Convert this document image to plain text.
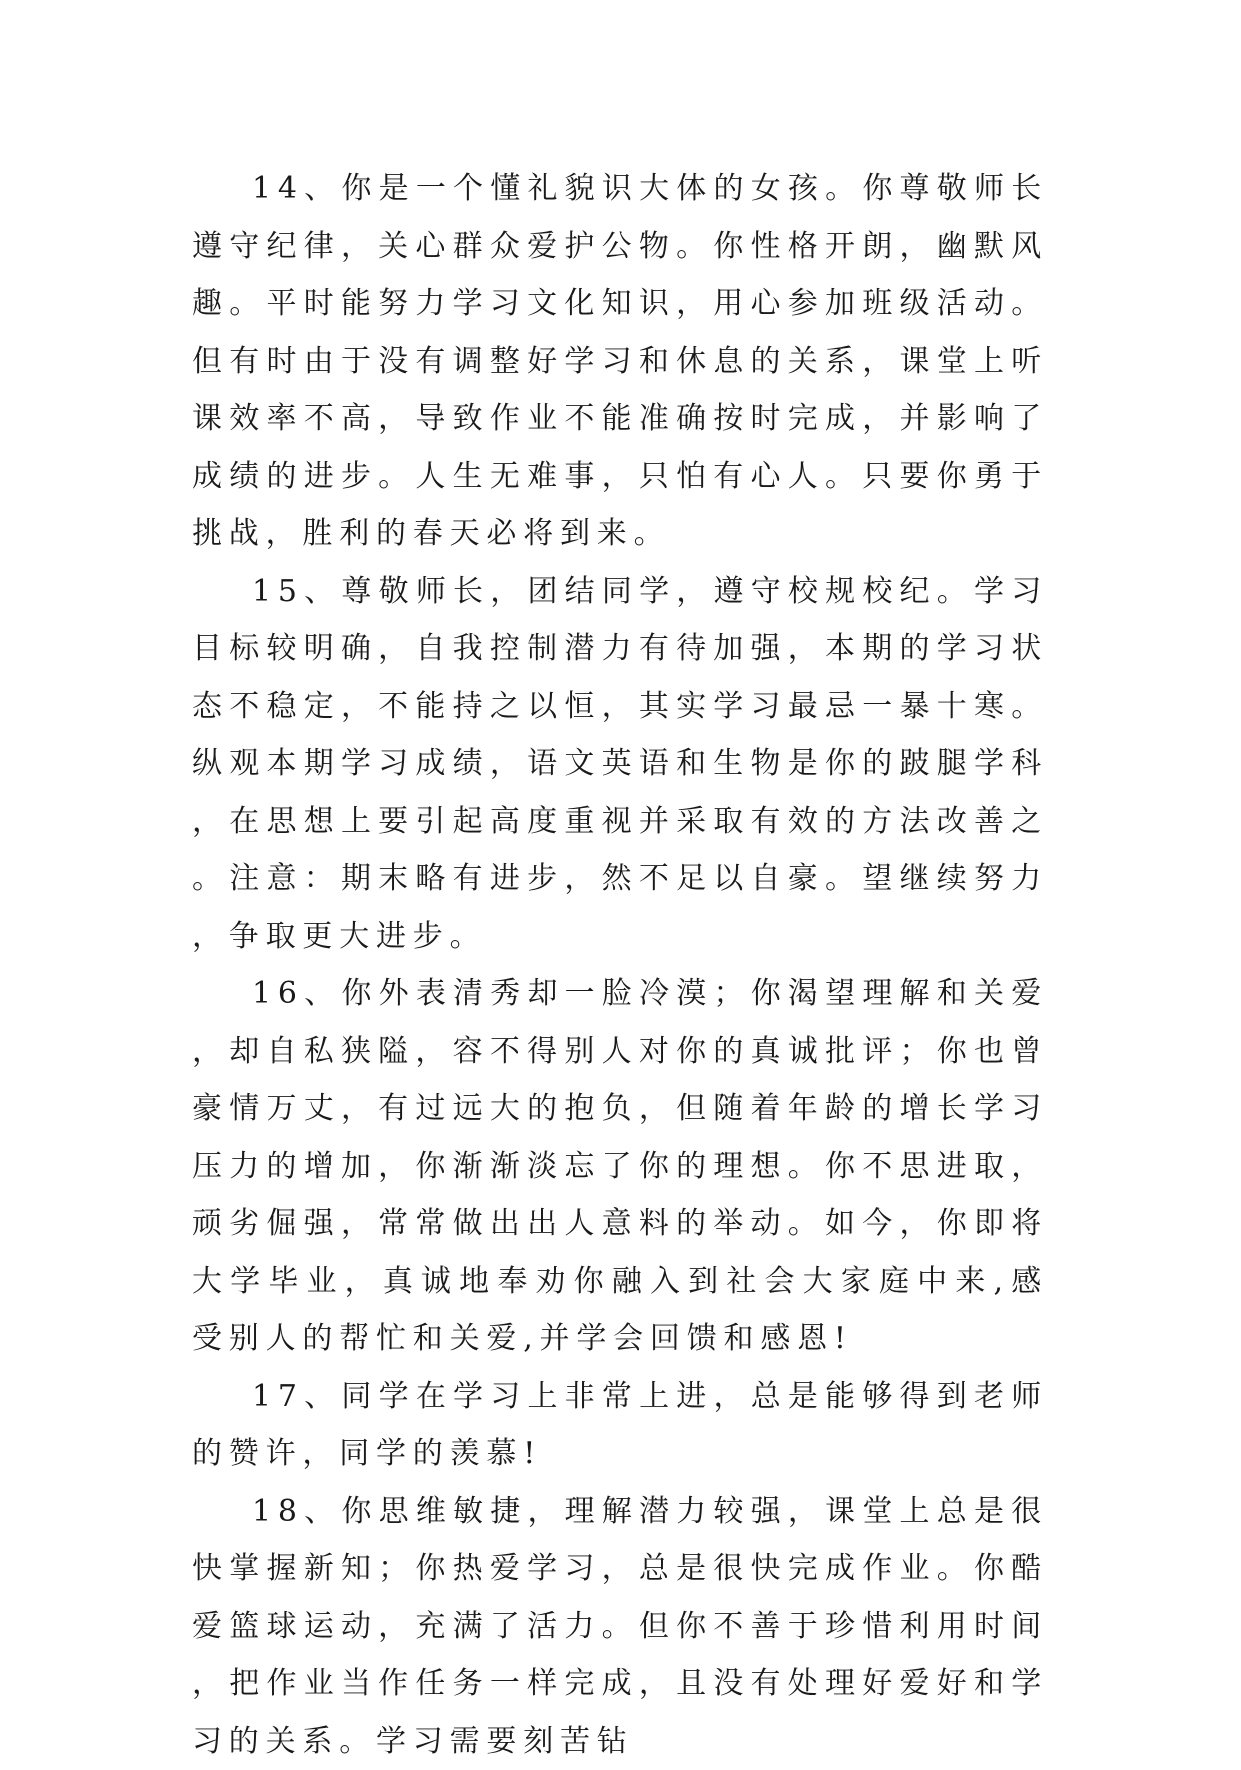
14、你是一个懂礼貌识大体的女孩。你尊敬师长遵守纪律，关心群众爱护公物。你性格开朗，幽默风趣。平时能努力学习文化知识，用心参加班级活动。但有时由于没有调整好学习和休息的关系，课堂上听课效率不高，导致作业不能准确按时完成，并影响了成绩的进步。人生无难事，只怕有心人。只要你勇于挑战，胜利的春天必将到来。

15、尊敬师长，团结同学，遵守校规校纪。学习目标较明确，自我控制潜力有待加强，本期的学习状态不稳定，不能持之以恒，其实学习最忌一暴十寒。纵观本期学习成绩，语文英语和生物是你的跛腿学科，在思想上要引起高度重视并采取有效的方法改善之。注意：期末略有进步，然不足以自豪。望继续努力，争取更大进步。

16、你外表清秀却一脸冷漠；你渴望理解和关爱，却自私狭隘，容不得别人对你的真诚批评；你也曾豪情万丈，有过远大的抱负，但随着年龄的增长学习压力的增加，你渐渐淡忘了你的理想。你不思进取，顽劣倔强，常常做出出人意料的举动。如今，你即将大学毕业，真诚地奉劝你融入到社会大家庭中来,感受别人的帮忙和关爱,并学会回馈和感恩!

17、同学在学习上非常上进，总是能够得到老师的赞许，同学的羡慕!

18、你思维敏捷，理解潜力较强，课堂上总是很快掌握新知；你热爱学习，总是很快完成作业。你酷爱篮球运动，充满了活力。但你不善于珍惜利用时间，把作业当作任务一样完成，且没有处理好爱好和学习的关系。学习需要刻苦钻
